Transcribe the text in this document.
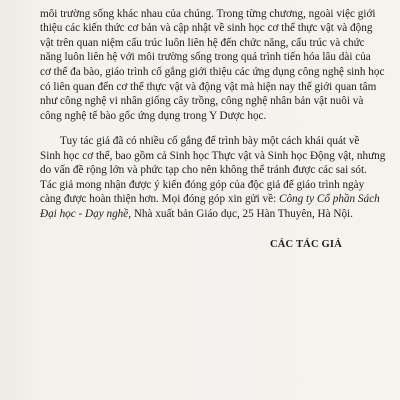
môi trường sống khác nhau của chúng. Trong từng chương, ngoài việc giới
thiệu các kiến thức cơ bản và cập nhật về sinh học cơ thể thực vật và động
vật trên quan niệm cấu trúc luôn liên hệ đến chức năng, cấu trúc và chức
năng luôn liên hệ với môi trường sống trong quá trình tiến hóa lâu dài của
cơ thể đa bào, giáo trình cố gắng giới thiệu các ứng dụng công nghệ sinh học
có liên quan đến cơ thể thực vật và động vật mà hiện nay thế giới quan tâm
như công nghệ vi nhân giống cây trồng, công nghệ nhân bản vật nuôi và
công nghệ tế bào gốc ứng dụng trong Y Dược học.
Tuy tác giả đã có nhiều cố gắng để trình bày một cách khái quát về
Sinh học cơ thể, bao gồm cả Sinh học Thực vật và Sinh học Động vật, nhưng
do vấn đề rộng lớn và phức tạp cho nên không thể tránh được các sai sót.
Tác giả mong nhận được ý kiến đóng góp của độc giả để giáo trình ngày
càng được hoàn thiện hơn. Mọi đóng góp xin gửi về: Công ty Cổ phần Sách
Đại học - Dạy nghề, Nhà xuất bản Giáo dục, 25 Hàn Thuyên, Hà Nội.
CÁC TÁC GIẢ
